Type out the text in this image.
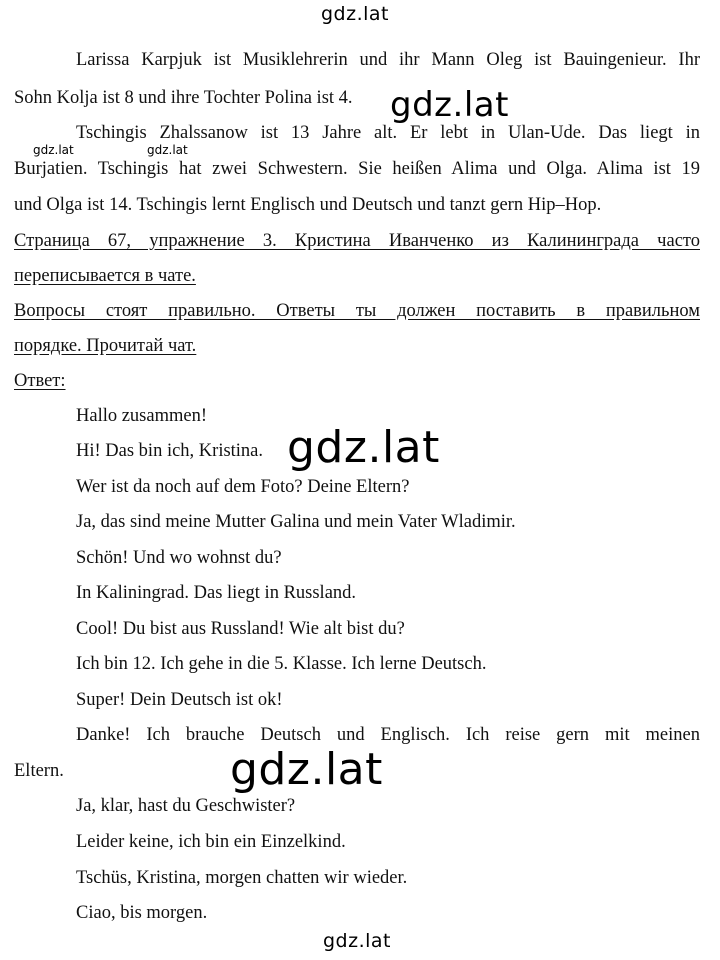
gdz.lat
Larissa Karpjuk ist Musiklehrerin und ihr Mann Oleg ist Bauingenieur. Ihr
Sohn Kolja ist 8 und ihre Tochter Polina ist 4.	gdz.lat
Tschingis Zhalssanow ist 13 Jahre alt. Er lebt in Ulan-Ude. Das liegt in
gdz.lat	gdz.lat
Burjatien. Tschingis hat zwei Schwestern. Sie heißen Alima und Olga. Alima ist 19
und Olga ist 14. Tschingis lernt Englisch und Deutsch und tanzt gern Hip–Hop.
Страница 67, упражнение 3. Кристина Иванченко из Калининграда часто
переписывается в чате.
Вопросы стоят правильно. Ответы ты должен поставить в правильном
порядке. Прочитай чат.
Ответ:
Hallo zusammen!
Hi! Das bin ich, Kristina. gdz.lat
Wer ist da noch auf dem Foto? Deine Eltern?
Ja, das sind meine Mutter Galina und mein Vater Wladimir.
Schön! Und wo wohnst du?
In Kaliningrad. Das liegt in Russland.
Cool! Du bist aus Russland! Wie alt bist du?
Ich bin 12. Ich gehe in die 5. Klasse. Ich lerne Deutsch.
Super! Dein Deutsch ist ok!
Danke! Ich brauche Deutsch und Englisch. Ich reise gern mit meinen
Eltern.	gdz.lat
Ja, klar, hast du Geschwister?
Leider keine, ich bin ein Einzelkind.
Tschüs, Kristina, morgen chatten wir wieder.
Ciao, bis morgen.
gdz.lat
